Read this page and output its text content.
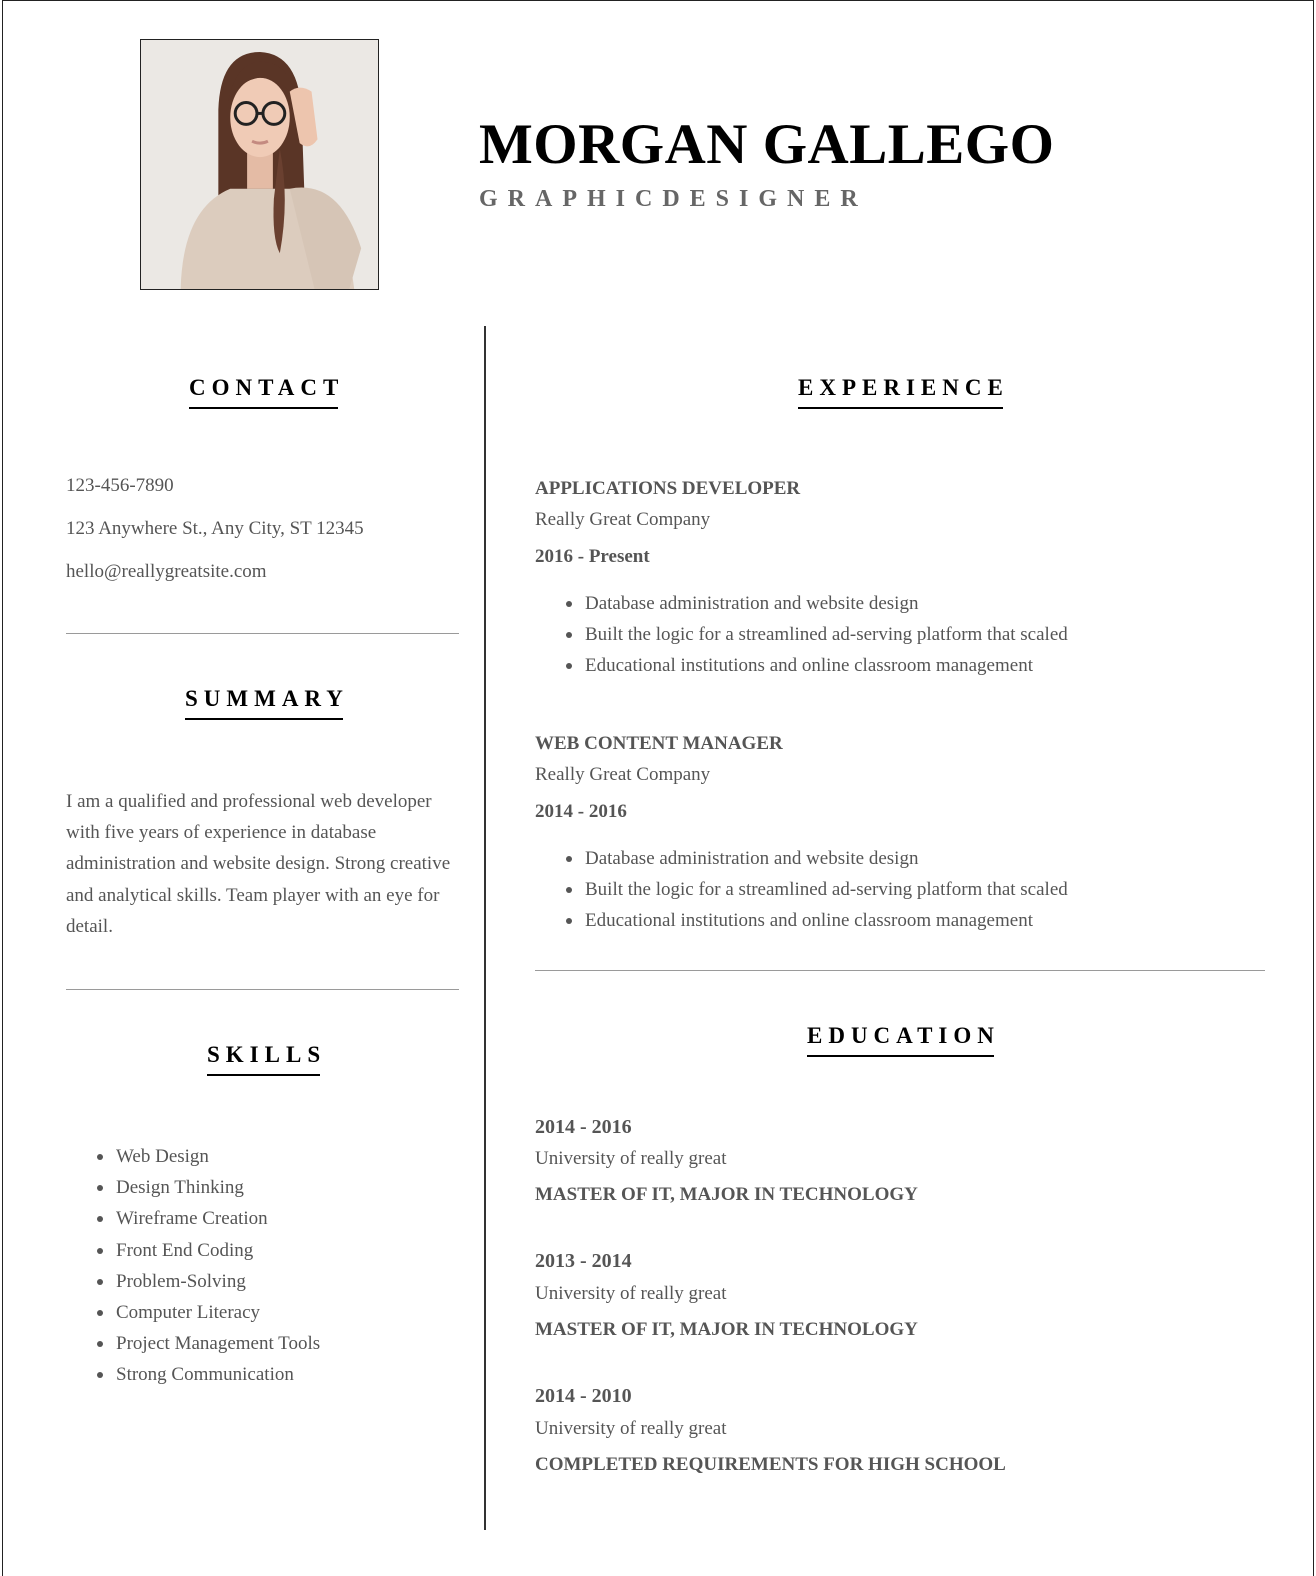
MORGAN GALLEGO
GRAPHICDESIGNER
CONTACT
123-456-7890
123 Anywhere St., Any City, ST 12345
hello@reallygreatsite.com
SUMMARY
I am a qualified and professional web developer with five years of experience in database administration and website design. Strong creative and analytical skills. Team player with an eye for detail.
SKILLS
Web Design
Design Thinking
Wireframe Creation
Front End Coding
Problem-Solving
Computer Literacy
Project Management Tools
Strong Communication
EXPERIENCE
APPLICATIONS DEVELOPER
Really Great Company
2016 - Present
Database administration and website design
Built the logic for a streamlined ad-serving platform that scaled
Educational institutions and online classroom management
WEB CONTENT MANAGER
Really Great Company
2014 - 2016
Database administration and website design
Built the logic for a streamlined ad-serving platform that scaled
Educational institutions and online classroom management
EDUCATION
2014 - 2016
University of really great
MASTER OF IT, MAJOR IN TECHNOLOGY
2013 - 2014
University of really great
MASTER OF IT, MAJOR IN TECHNOLOGY
2014 - 2010
University of really great
COMPLETED REQUIREMENTS FOR HIGH SCHOOL
